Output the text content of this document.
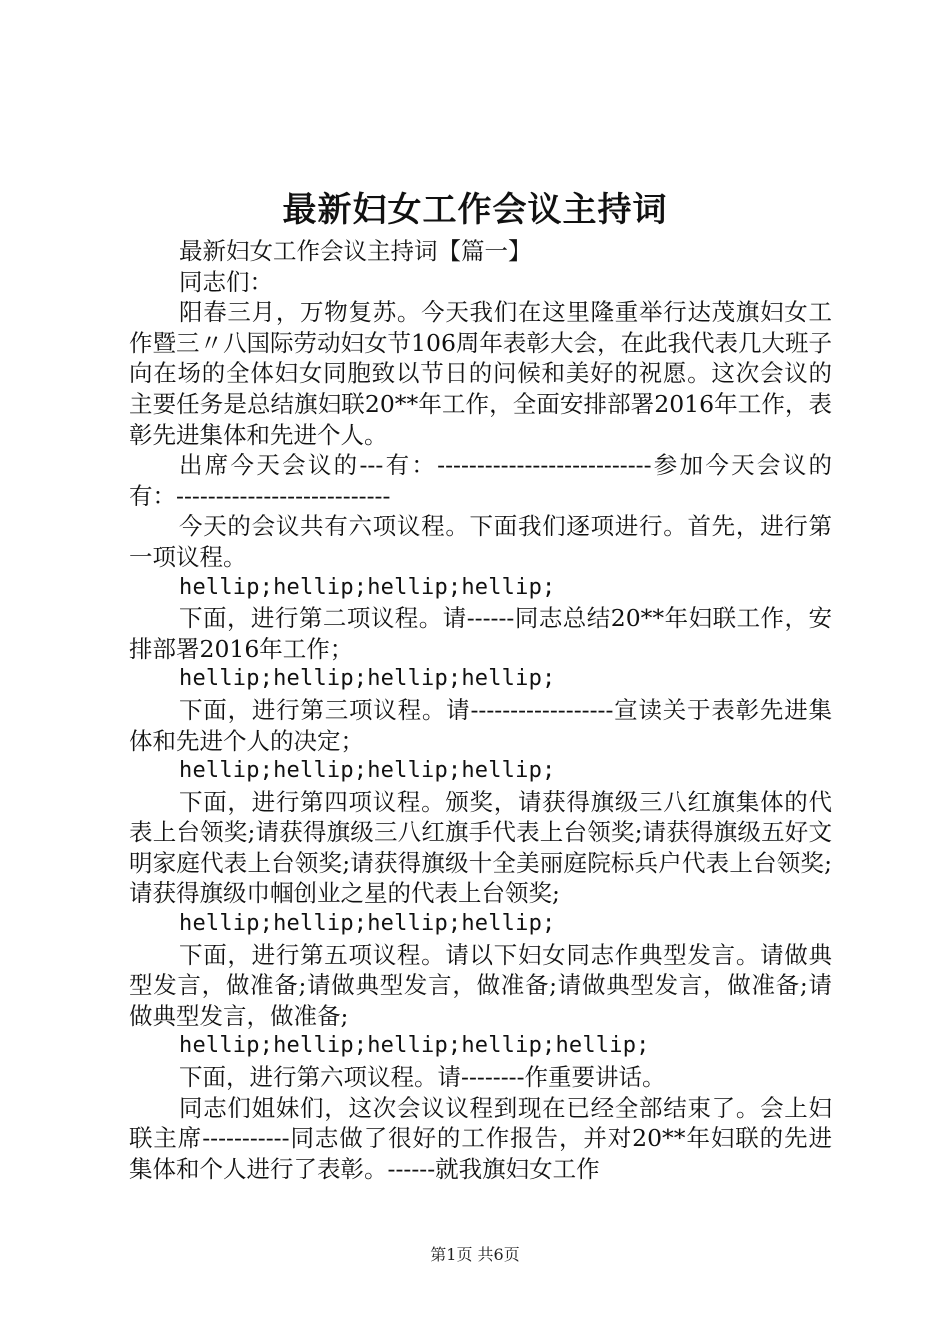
最新妇女工作会议主持词

最新妇女工作会议主持词【篇一】

同志们：

阳春三月，万物复苏。今天我们在这里隆重举行达茂旗妇女工作暨三〃八国际劳动妇女节106周年表彰大会，在此我代表几大班子向在场的全体妇女同胞致以节日的问候和美好的祝愿。这次会议的主要任务是总结旗妇联20**年工作，全面安排部署2016年工作，表彰先进集体和先进个人。

出席今天会议的---有：---------------------------参加今天会议的有：---------------------------

今天的会议共有六项议程。下面我们逐项进行。首先，进行第一项议程。

hellip;hellip;hellip;hellip;

下面，进行第二项议程。请------同志总结20**年妇联工作，安排部署2016年工作；

hellip;hellip;hellip;hellip;

下面，进行第三项议程。请------------------宣读关于表彰先进集体和先进个人的决定；

hellip;hellip;hellip;hellip;

下面，进行第四项议程。颁奖，请获得旗级三八红旗集体的代表上台领奖;请获得旗级三八红旗手代表上台领奖;请获得旗级五好文明家庭代表上台领奖;请获得旗级十全美丽庭院标兵户代表上台领奖;请获得旗级巾帼创业之星的代表上台领奖;

hellip;hellip;hellip;hellip;

下面，进行第五项议程。请以下妇女同志作典型发言。请做典型发言，做准备;请做典型发言，做准备;请做典型发言，做准备;请做典型发言，做准备;

hellip;hellip;hellip;hellip;hellip;

下面，进行第六项议程。请--------作重要讲话。

同志们姐妹们，这次会议议程到现在已经全部结束了。会上妇联主席-----------同志做了很好的工作报告，并对20**年妇联的先进集体和个人进行了表彰。------就我旗妇女工作

第1页 共6页
